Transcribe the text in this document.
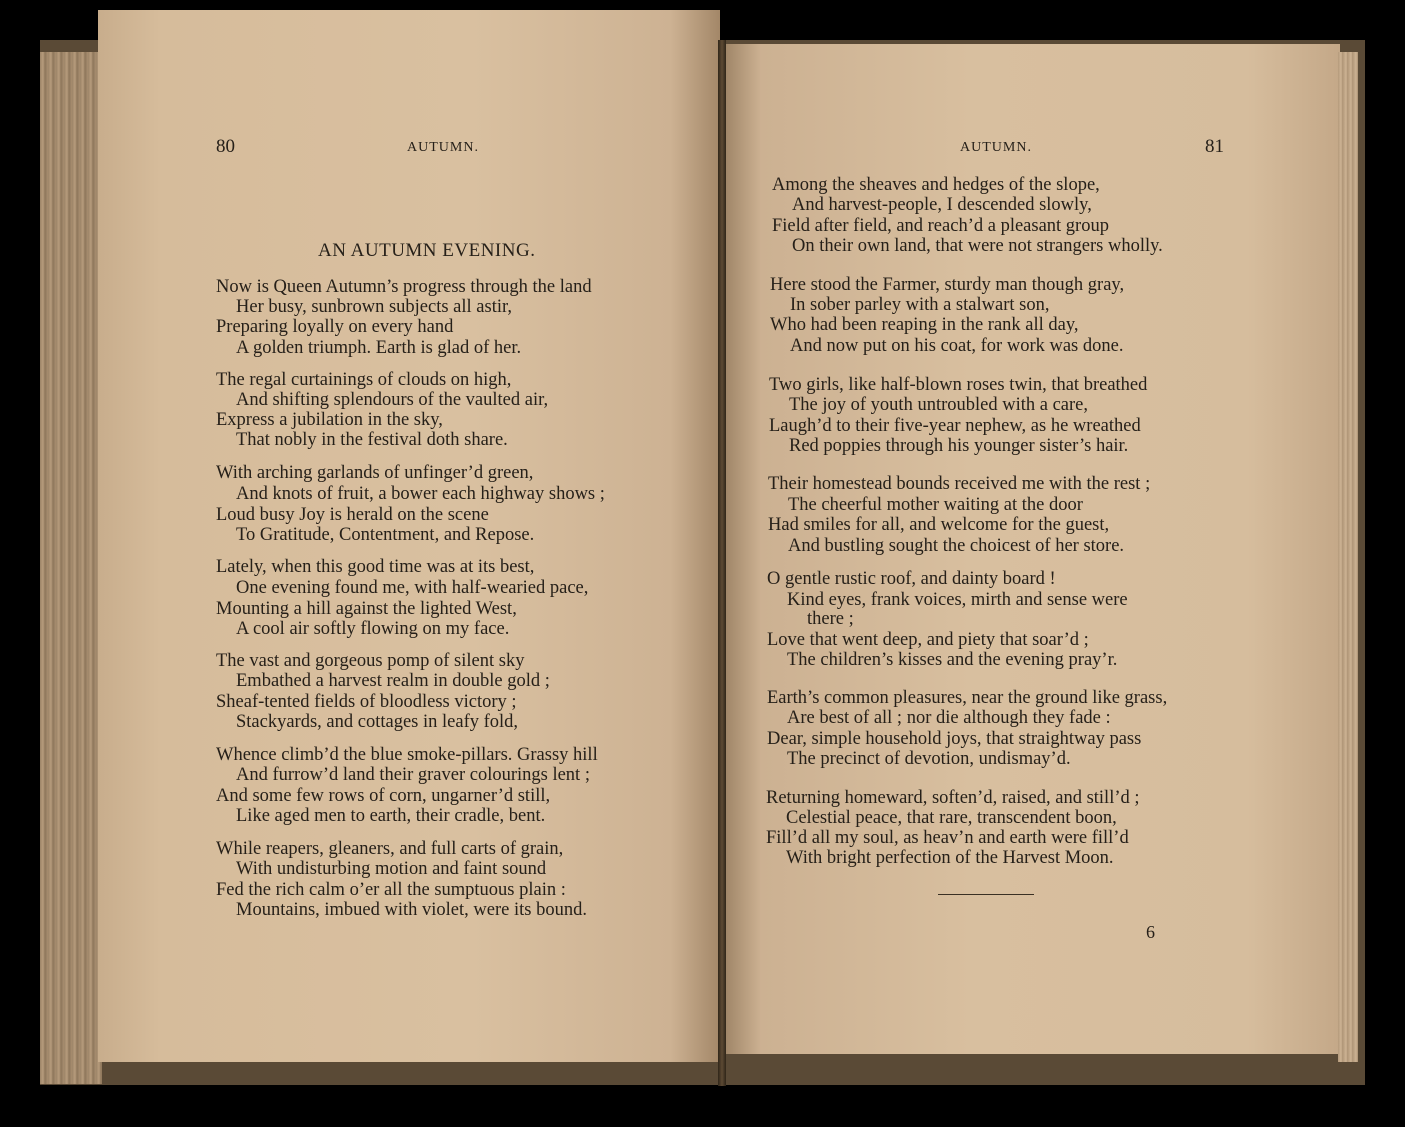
80	AUTUMN.	AUTUMN.	81
AN AUTUMN EVENING.
Now is Queen Autumn’s progress through the land
Her busy, sunbrown subjects all astir,
Preparing loyally on every hand
A golden triumph. Earth is glad of her.
The regal curtainings of clouds on high,
And shifting splendours of the vaulted air,
Express a jubilation in the sky,
That nobly in the festival doth share.
With arching garlands of unfinger’d green,
And knots of fruit, a bower each highway shows ;
Loud busy Joy is herald on the scene
To Gratitude, Contentment, and Repose.
Lately, when this good time was at its best,
One evening found me, with half-wearied pace,
Mounting a hill against the lighted West,
A cool air softly flowing on my face.
The vast and gorgeous pomp of silent sky
Embathed a harvest realm in double gold ;
Sheaf-tented fields of bloodless victory ;
Stackyards, and cottages in leafy fold,
Whence climb’d the blue smoke-pillars. Grassy hill
And furrow’d land their graver colourings lent ;
And some few rows of corn, ungarner’d still,
Like aged men to earth, their cradle, bent.
While reapers, gleaners, and full carts of grain,
With undisturbing motion and faint sound
Fed the rich calm o’er all the sumptuous plain :
Mountains, imbued with violet, were its bound.
Among the sheaves and hedges of the slope,
And harvest-people, I descended slowly,
Field after field, and reach’d a pleasant group
On their own land, that were not strangers wholly.
Here stood the Farmer, sturdy man though gray,
In sober parley with a stalwart son,
Who had been reaping in the rank all day,
And now put on his coat, for work was done.
Two girls, like half-blown roses twin, that breathed
The joy of youth untroubled with a care,
Laugh’d to their five-year nephew, as he wreathed
Red poppies through his younger sister’s hair.
Their homestead bounds received me with the rest ;
The cheerful mother waiting at the door
Had smiles for all, and welcome for the guest,
And bustling sought the choicest of her store.
O gentle rustic roof, and dainty board !
Kind eyes, frank voices, mirth and sense were
there ;
Love that went deep, and piety that soar’d ;
The children’s kisses and the evening pray’r.
Earth’s common pleasures, near the ground like grass,
Are best of all ; nor die although they fade :
Dear, simple household joys, that straightway pass
The precinct of devotion, undismay’d.
Returning homeward, soften’d, raised, and still’d ;
Celestial peace, that rare, transcendent boon,
Fill’d all my soul, as heav’n and earth were fill’d
With bright perfection of the Harvest Moon.
6
